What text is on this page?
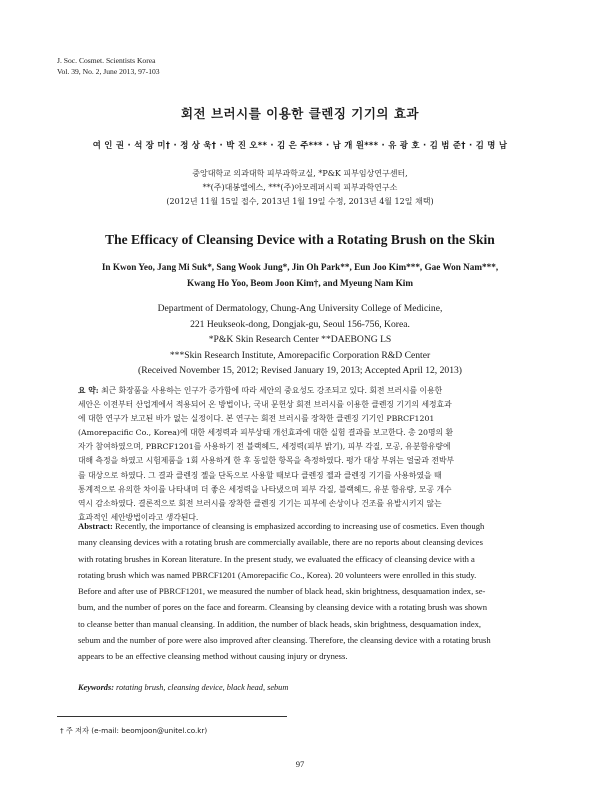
J. Soc. Cosmet. Scientists Korea
Vol. 39, No. 2, June 2013, 97-103
회전 브러시를 이용한 클렌징 기기의 효과
여 인 권 · 석 장 미† · 정 상 욱† · 박 진 오** · 김 은 주*** · 남 개 원*** · 유 광 호 · 김 범 준† · 김 명 남
중앙대학교 의과대학 피부과학교실, *P&K 피부임상연구센터,
**(주)대봉엘에스, ***(주)아모레퍼시픽 피부과학연구소
(2012년 11월 15일 접수, 2013년 1월 19일 수정, 2013년 4월 12일 채택)
The Efficacy of Cleansing Device with a Rotating Brush on the Skin
In Kwon Yeo, Jang Mi Suk*, Sang Wook Jung*, Jin Oh Park**, Eun Joo Kim***, Gae Won Nam***,
Kwang Ho Yoo, Beom Joon Kim†, and Myeung Nam Kim
Department of Dermatology, Chung-Ang University College of Medicine,
221 Heukseok-dong, Dongjak-gu, Seoul 156-756, Korea.
*P&K Skin Research Center **DAEBONG LS
***Skin Research Institute, Amorepacific Corporation R&D Center
(Received November 15, 2012; Revised January 19, 2013; Accepted April 12, 2013)
요 약: 최근 화장품을 사용하는 인구가 증가함에 따라 세안의 중요성도 강조되고 있다. 회전 브러시를 이용한
세안은 이전부터 산업계에서 적용되어 온 방법이나, 국내 문헌상 회전 브러시를 이용한 클렌징 기기의 세정효과
에 대한 연구가 보고된 바가 없는 실정이다. 본 연구는 회전 브러시를 장착한 클렌징 기기인 PBRCF1201
(Amorepacific Co., Korea)에 대한 세정력과 피부상태 개선효과에 대한 실험 결과를 보고한다. 총 20명의 환
자가 참여하였으며, PBRCF1201를 사용하기 전 블랙헤드, 세정력(피부 밝기), 피부 각질, 모공, 유분함유량에
대해 측정을 하였고 시험제품을 1회 사용하게 한 후 동일한 항목을 측정하였다. 평가 대상 부위는 얼굴과 전박부
를 대상으로 하였다. 그 결과 클렌징 젤을 단독으로 사용할 때보다 클렌징 젤과 클렌징 기기를 사용하였을 때
통계적으로 유의한 차이를 나타내며 더 좋은 세정력을 나타냈으며 피부 각질, 블랙헤드, 유분 함유량, 모공 개수
역시 감소하였다. 결론적으로 회전 브러시를 장착한 클렌징 기기는 피부에 손상이나 건조를 유발시키지 않는
효과적인 세안방법이라고 생각된다.
Abstract: Recently, the importance of cleansing is emphasized according to increasing use of cosmetics. Even though
many cleansing devices with a rotating brush are commercially available, there are no reports about cleansing devices
with rotating brushes in Korean literature. In the present study, we evaluated the efficacy of cleansing device with a
rotating brush which was named PBRCF1201 (Amorepacific Co., Korea). 20 volunteers were enrolled in this study.
Before and after use of PBRCF1201, we measured the number of black head, skin brightness, desquamation index, se-
bum, and the number of pores on the face and forearm. Cleansing by cleansing device with a rotating brush was shown
to cleanse better than manual cleansing. In addition, the number of black heads, skin brightness, desquamation index,
sebum and the number of pore were also improved after cleansing. Therefore, the cleansing device with a rotating brush
appears to be an effective cleansing method without causing injury or dryness.
Keywords: rotating brush, cleansing device, black head, sebum
† 주 저자 (e-mail: beomjoon@unitel.co.kr)
97
